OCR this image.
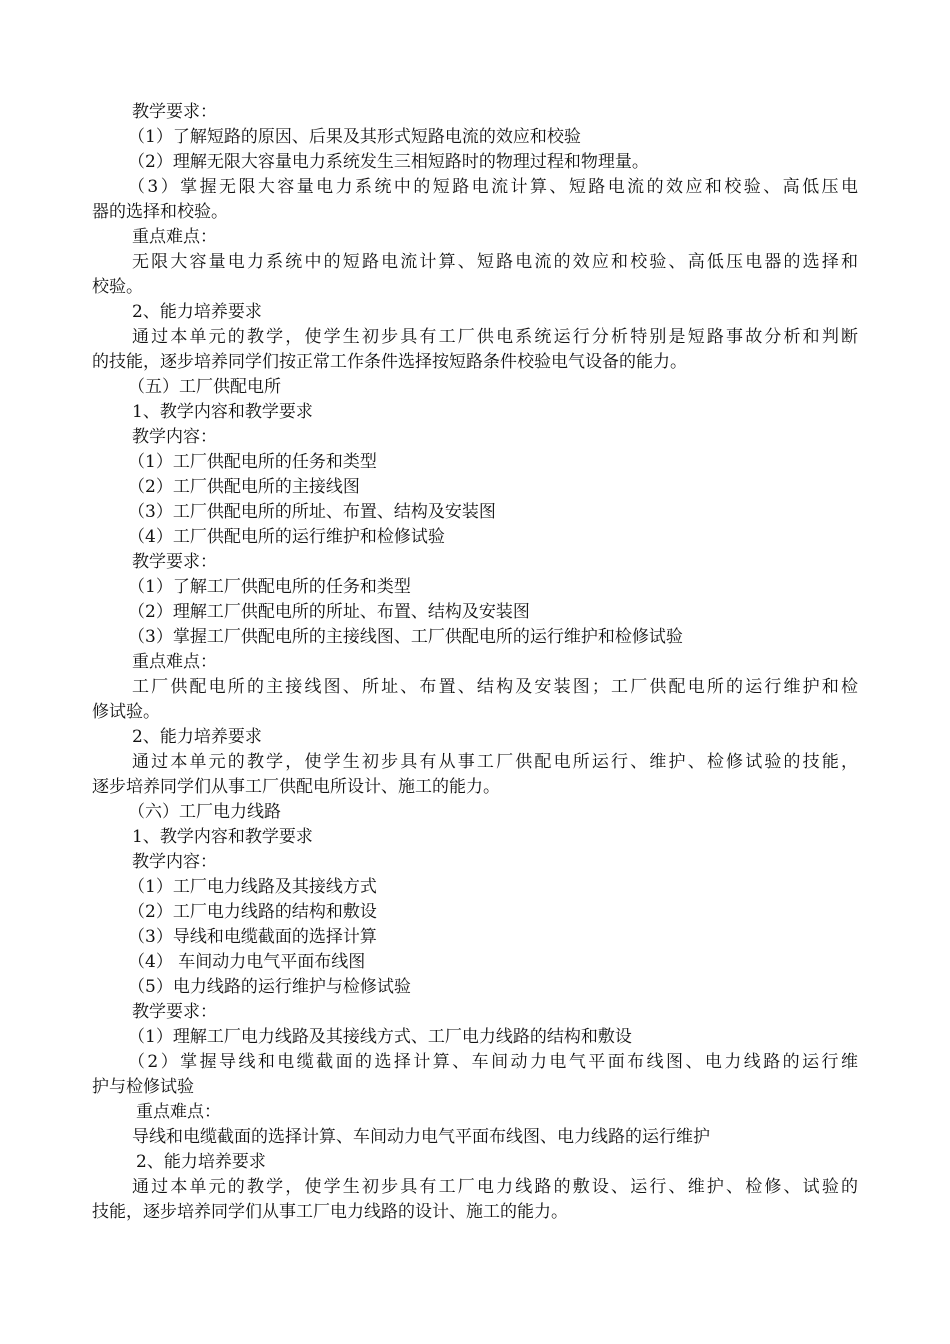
教学要求：
（1）了解短路的原因、后果及其形式短路电流的效应和校验
（2）理解无限大容量电力系统发生三相短路时的物理过程和物理量。
（3）掌握无限大容量电力系统中的短路电流计算、短路电流的效应和校验、高低压电
器的选择和校验。
重点难点：
无限大容量电力系统中的短路电流计算、短路电流的效应和校验、高低压电器的选择和
校验。
2、能力培养要求
通过本单元的教学，使学生初步具有工厂供电系统运行分析特别是短路事故分析和判断
的技能，逐步培养同学们按正常工作条件选择按短路条件校验电气设备的能力。
（五）工厂供配电所
1、教学内容和教学要求
教学内容：
（1）工厂供配电所的任务和类型
（2）工厂供配电所的主接线图
（3）工厂供配电所的所址、布置、结构及安装图
（4）工厂供配电所的运行维护和检修试验
教学要求：
（1）了解工厂供配电所的任务和类型
（2）理解工厂供配电所的所址、布置、结构及安装图
（3）掌握工厂供配电所的主接线图、工厂供配电所的运行维护和检修试验
重点难点：
工厂供配电所的主接线图、所址、布置、结构及安装图；工厂供配电所的运行维护和检
修试验。
2、能力培养要求
通过本单元的教学，使学生初步具有从事工厂供配电所运行、维护、检修试验的技能，
逐步培养同学们从事工厂供配电所设计、施工的能力。
（六）工厂电力线路
1、教学内容和教学要求
教学内容：
（1）工厂电力线路及其接线方式
（2）工厂电力线路的结构和敷设
（3）导线和电缆截面的选择计算
（4） 车间动力电气平面布线图
（5）电力线路的运行维护与检修试验
教学要求：
（1）理解工厂电力线路及其接线方式、工厂电力线路的结构和敷设
（2）掌握导线和电缆截面的选择计算、车间动力电气平面布线图、电力线路的运行维
护与检修试验
重点难点：
导线和电缆截面的选择计算、车间动力电气平面布线图、电力线路的运行维护
2、能力培养要求
通过本单元的教学，使学生初步具有工厂电力线路的敷设、运行、维护、检修、试验的
技能，逐步培养同学们从事工厂电力线路的设计、施工的能力。
